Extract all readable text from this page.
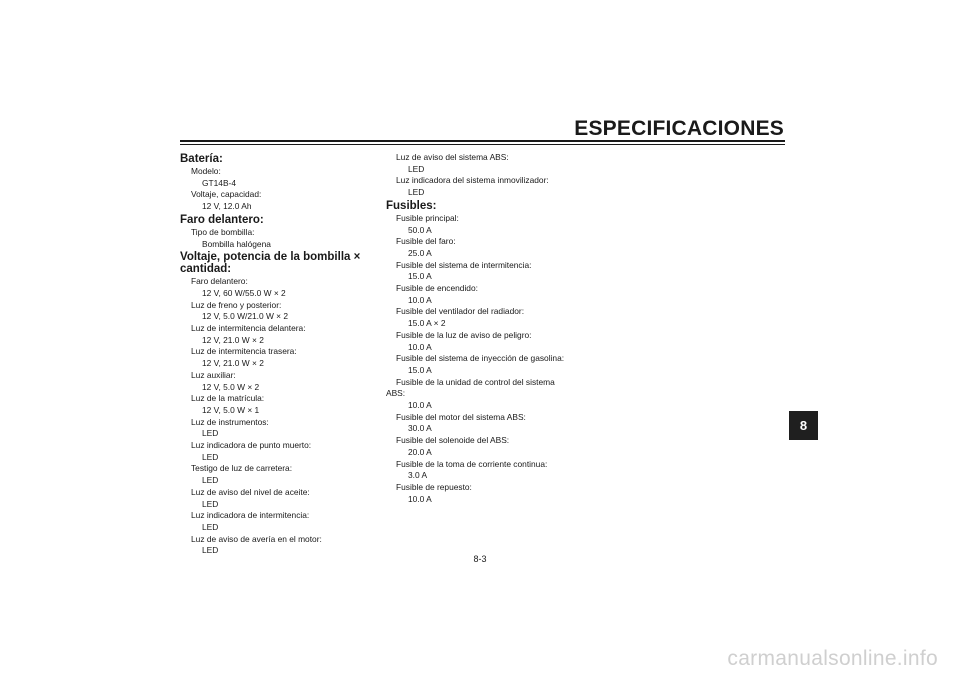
ESPECIFICACIONES
Batería:
Modelo:
GT14B-4
Voltaje, capacidad:
12 V, 12.0 Ah
Faro delantero:
Tipo de bombilla:
Bombilla halógena
Voltaje, potencia de la bombilla ×
cantidad:
Faro delantero:
12 V, 60 W/55.0 W × 2
Luz de freno y posterior:
12 V, 5.0 W/21.0 W × 2
Luz de intermitencia delantera:
12 V, 21.0 W × 2
Luz de intermitencia trasera:
12 V, 21.0 W × 2
Luz auxiliar:
12 V, 5.0 W × 2
Luz de la matrícula:
12 V, 5.0 W × 1
Luz de instrumentos:
LED
Luz indicadora de punto muerto:
LED
Testigo de luz de carretera:
LED
Luz de aviso del nivel de aceite:
LED
Luz indicadora de intermitencia:
LED
Luz de aviso de avería en el motor:
LED
Luz de aviso del sistema ABS:
LED
Luz indicadora del sistema inmovilizador:
LED
Fusibles:
Fusible principal:
50.0 A
Fusible del faro:
25.0 A
Fusible del sistema de intermitencia:
15.0 A
Fusible de encendido:
10.0 A
Fusible del ventilador del radiador:
15.0 A × 2
Fusible de la luz de aviso de peligro:
10.0 A
Fusible del sistema de inyección de gasolina:
15.0 A
Fusible de la unidad de control del sistema
ABS:
10.0 A
Fusible del motor del sistema ABS:
30.0 A
Fusible del solenoide del ABS:
20.0 A
Fusible de la toma de corriente continua:
3.0 A
Fusible de repuesto:
10.0 A
8
8-3
carmanualsonline.info
